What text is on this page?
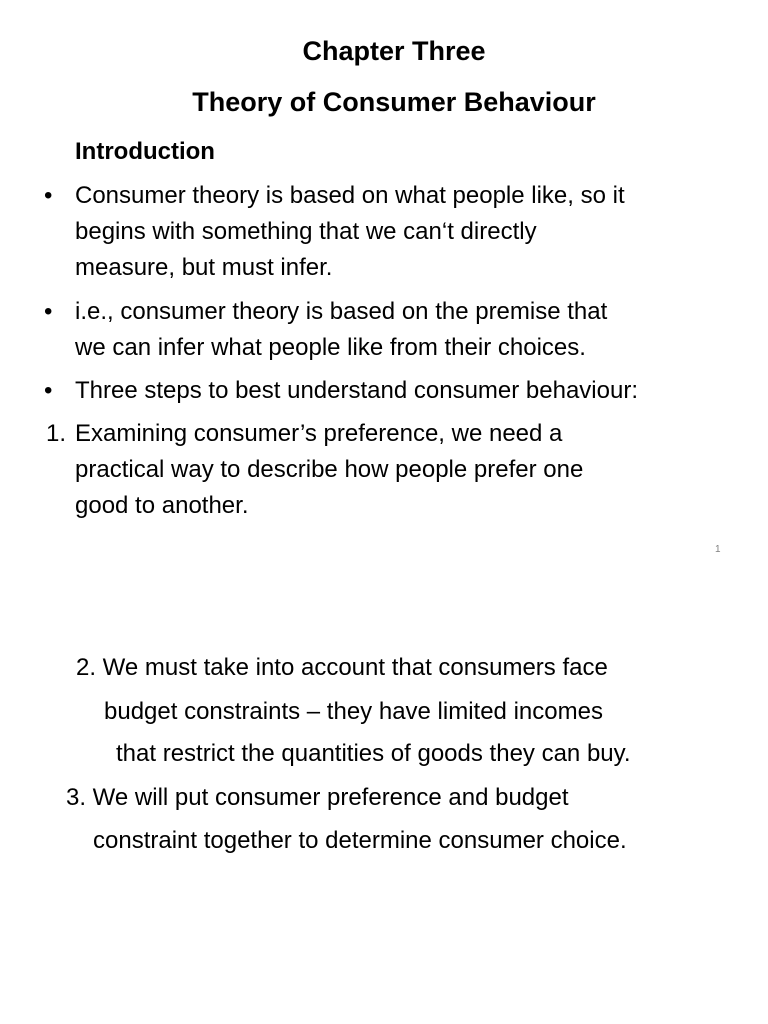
Chapter Three
Theory of Consumer Behaviour
Introduction
• Consumer theory is based on what people like, so it
begins with something that we can‘t directly
measure, but must infer.
• i.e., consumer theory is based on the premise that
we can infer what people like from their choices.
• Three steps to best understand consumer behaviour:
1. Examining consumer’s preference, we need a
practical way to describe how people prefer one
good to another.
1
2. We must take into account that consumers face
budget constraints – they have limited incomes
that restrict the quantities of goods they can buy.
3. We will put consumer preference and budget
constraint together to determine consumer choice.
